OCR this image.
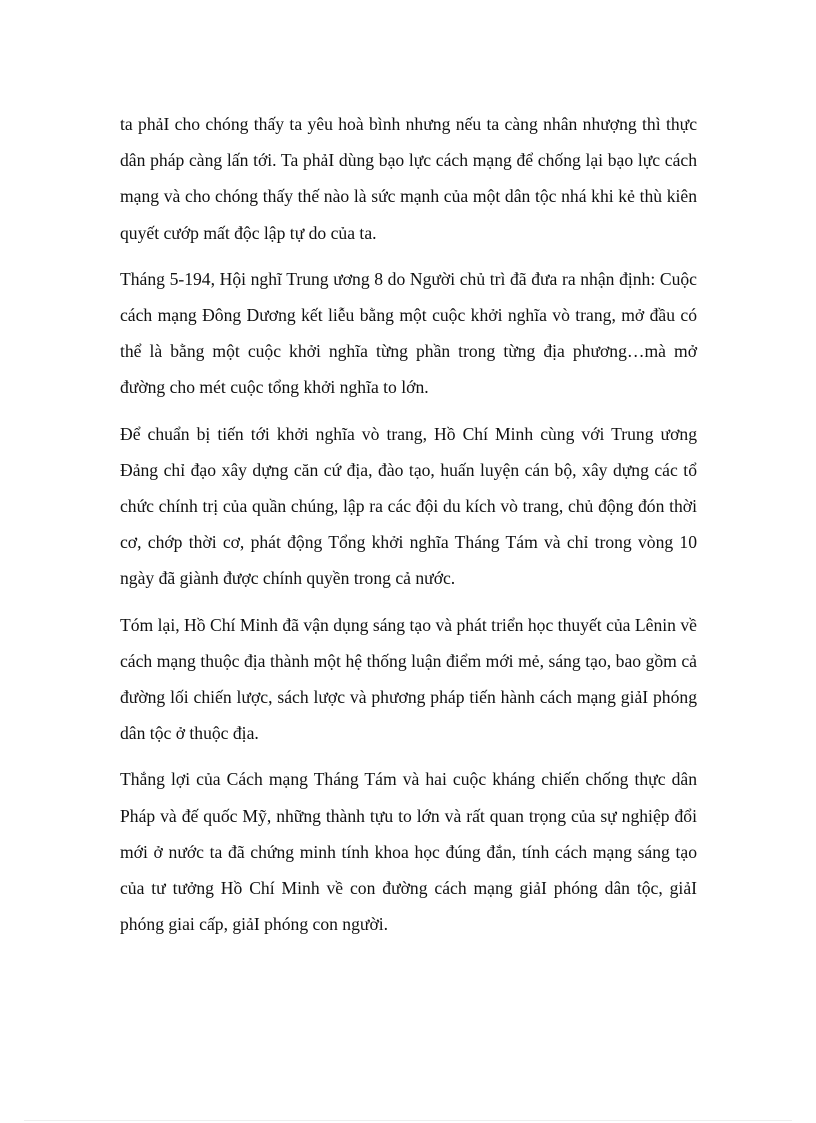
ta phảI cho chóng thấy ta yêu hoà bình nhưng nếu ta càng nhân nhượng thì thực dân pháp càng lấn tới. Ta phảI dùng bạo lực cách mạng để chống lại bạo lực cách mạng và cho chóng thấy thế nào là sức mạnh của một dân tộc nhá khi kẻ thù kiên quyết cướp mất độc lập tự do của ta.

Tháng 5-194, Hội nghĩ Trung ương 8 do Người chủ trì đã đưa ra nhận định: Cuộc cách mạng Đông Dương kết liễu bằng một cuộc khởi nghĩa vò trang, mở đầu có thể là bằng một cuộc khởi nghĩa từng phần trong từng địa phương…mà mở đường cho mét cuộc tổng khởi nghĩa to lớn.

Để chuẩn bị tiến tới khởi nghĩa vò trang, Hồ Chí Minh cùng với Trung ương Đảng chỉ đạo xây dựng căn cứ địa, đào tạo, huấn luyện cán bộ, xây dựng các tổ chức chính trị của quần chúng, lập ra các đội du kích vò trang, chủ động đón thời cơ, chớp thời cơ, phát động Tổng khởi nghĩa Tháng Tám và chỉ trong vòng 10 ngày đã giành được chính quyền trong cả nước.

Tóm lại, Hồ Chí Minh đã vận dụng sáng tạo và phát triển học thuyết của Lênin về cách mạng thuộc địa thành một hệ thống luận điểm mới mẻ, sáng tạo, bao gồm cả đường lối chiến lược, sách lược và phương pháp tiến hành cách mạng giảI phóng dân tộc ở thuộc địa.

Thắng lợi của Cách mạng Tháng Tám và hai cuộc kháng chiến chống thực dân Pháp và đế quốc Mỹ, những thành tựu to lớn và rất quan trọng của sự nghiệp đổi mới ở nước ta đã chứng minh tính khoa học đúng đắn, tính cách mạng sáng tạo của tư tưởng Hồ Chí Minh về con đường cách mạng giảI phóng dân tộc, giảI phóng giai cấp, giảI phóng con người.
